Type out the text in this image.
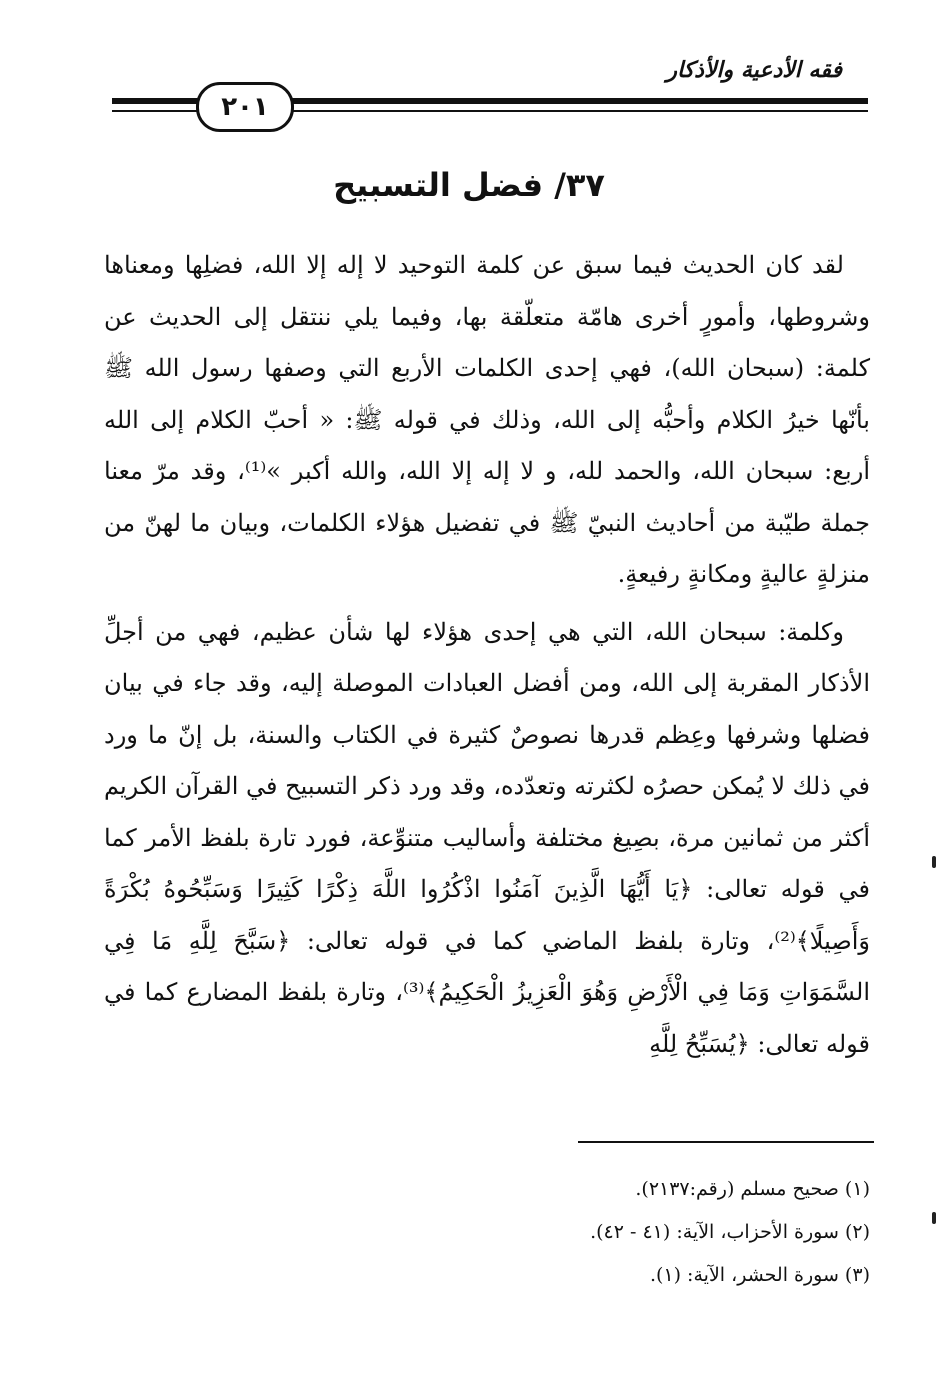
فقه الأدعية والأذكار
٢٠١
٣٧/ فضل التسبيح

لقد كان الحديث فيما سبق عن كلمة التوحيد لا إله إلا الله، فضلِها ومعناها وشروطها، وأمورٍ أخرى هامّة متعلّقة بها، وفيما يلي ننتقل إلى الحديث عن كلمة: (سبحان الله)، فهي إحدى الكلمات الأربع التي وصفها رسول الله ﷺ بأنّها خيرُ الكلام وأحبُّه إلى الله، وذلك في قوله ﷺ: « أحبّ الكلام إلى الله أربع: سبحان الله، والحمد لله، و لا إله إلا الله، والله أكبر »⁽¹⁾، وقد مرّ معنا جملة طيّبة من أحاديث النبيّ ﷺ في تفضيل هؤلاء الكلمات، وبيان ما لهنّ من منزلةٍ عاليةٍ ومكانةٍ رفيعةٍ.

وكلمة: سبحان الله، التي هي إحدى هؤلاء لها شأن عظيم، فهي من أجلِّ الأذكار المقربة إلى الله، ومن أفضل العبادات الموصلة إليه، وقد جاء في بيان فضلها وشرفها وعِظم قدرها نصوصٌ كثيرة في الكتاب والسنة، بل إنّ ما ورد في ذلك لا يُمكن حصرُه لكثرته وتعدّده، وقد ورد ذكر التسبيح في القرآن الكريم أكثر من ثمانين مرة، بصِيغ مختلفة وأساليب متنوِّعة، فورد تارة بلفظ الأمر كما في قوله تعالى: ﴿يَا أَيُّهَا الَّذِينَ آمَنُوا اذْكُرُوا اللَّهَ ذِكْرًا كَثِيرًا وَسَبِّحُوهُ بُكْرَةً وَأَصِيلًا﴾⁽²⁾، وتارة بلفظ الماضي كما في قوله تعالى: ﴿سَبَّحَ لِلَّهِ مَا فِي السَّمَوَاتِ وَمَا فِي الْأَرْضِ وَهُوَ الْعَزِيزُ الْحَكِيمُ﴾⁽³⁾، وتارة بلفظ المضارع كما في قوله تعالى: ﴿يُسَبِّحُ لِلَّهِ

(١) صحيح مسلم (رقم:٢١٣٧).
(٢) سورة الأحزاب، الآية: (٤١ - ٤٢).
(٣) سورة الحشر، الآية: (١).
